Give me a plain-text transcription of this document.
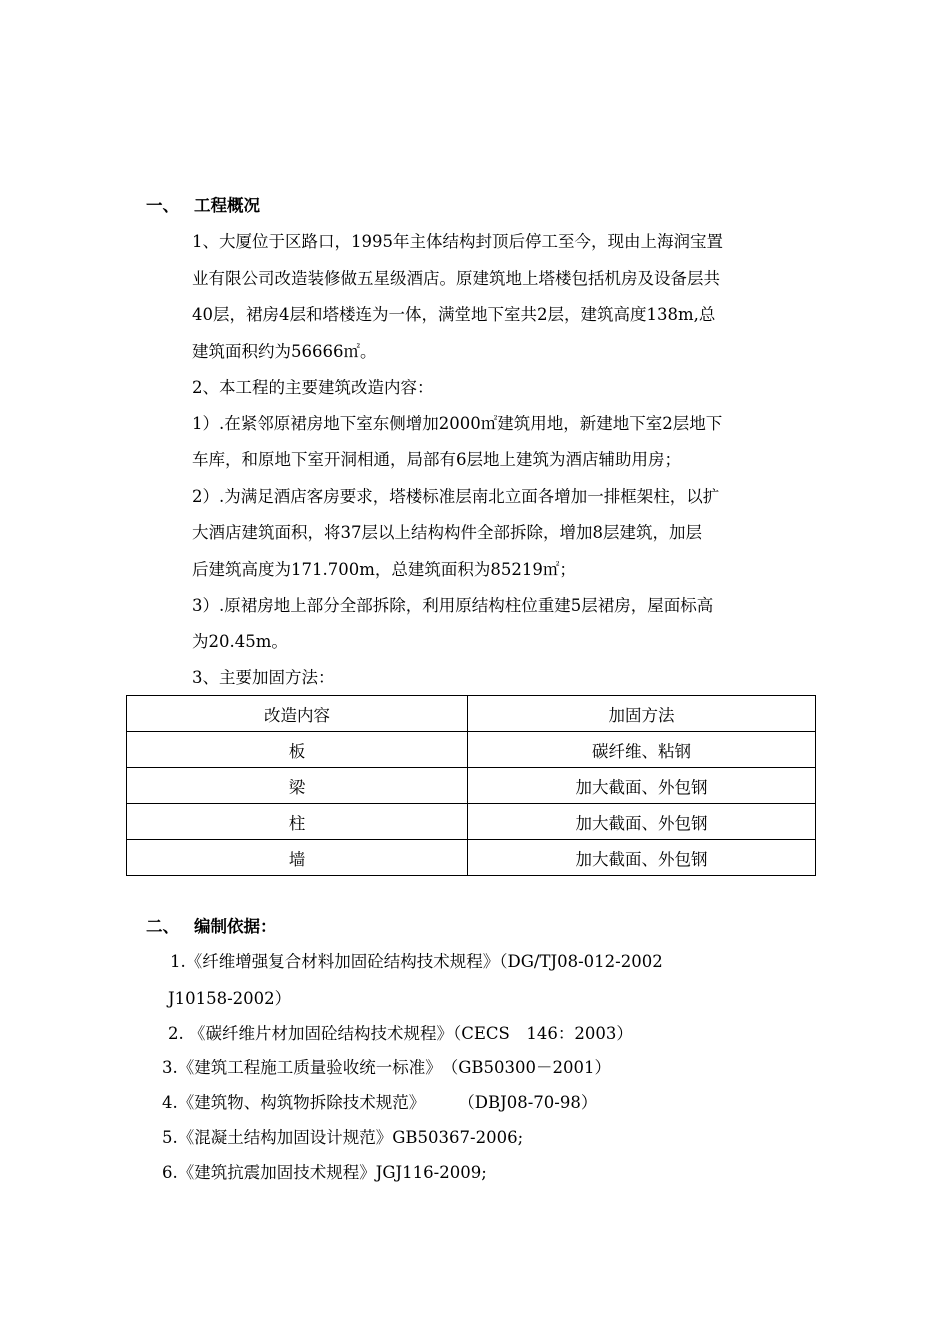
一、 工程概况
1、大厦位于区路口，1995年主体结构封顶后停工至今，现由上海润宝置
业有限公司改造装修做五星级酒店。原建筑地上塔楼包括机房及设备层共
40层，裙房4层和塔楼连为一体，满堂地下室共2层，建筑高度138m,总
建筑面积约为56666㎡。
2、本工程的主要建筑改造内容：
1）.在紧邻原裙房地下室东侧增加2000㎡建筑用地，新建地下室2层地下
车库，和原地下室开洞相通，局部有6层地上建筑为酒店辅助用房；
2）.为满足酒店客房要求，塔楼标准层南北立面各增加一排框架柱，以扩
大酒店建筑面积，将37层以上结构构件全部拆除，增加8层建筑，加层
后建筑高度为171.700m，总建筑面积为85219㎡；
3）.原裙房地上部分全部拆除，利用原结构柱位重建5层裙房，屋面标高
为20.45m。
3、主要加固方法：
改造内容	加固方法
板	碳纤维、粘钢
梁	加大截面、外包钢
柱	加大截面、外包钢
墙	加大截面、外包钢
二、 编制依据：
1.《纤维增强复合材料加固砼结构技术规程》（DG/TJ08-012-2002
J10158-2002）
2. 《碳纤维片材加固砼结构技术规程》（CECS　146：2003）
3.《建筑工程施工质量验收统一标准》　（GB50300－2001）
4.《建筑物、构筑物拆除技术规范》　　　（DBJ08-70-98）
5.《混凝土结构加固设计规范》GB50367-2006;
6.《建筑抗震加固技术规程》JGJ116-2009;
